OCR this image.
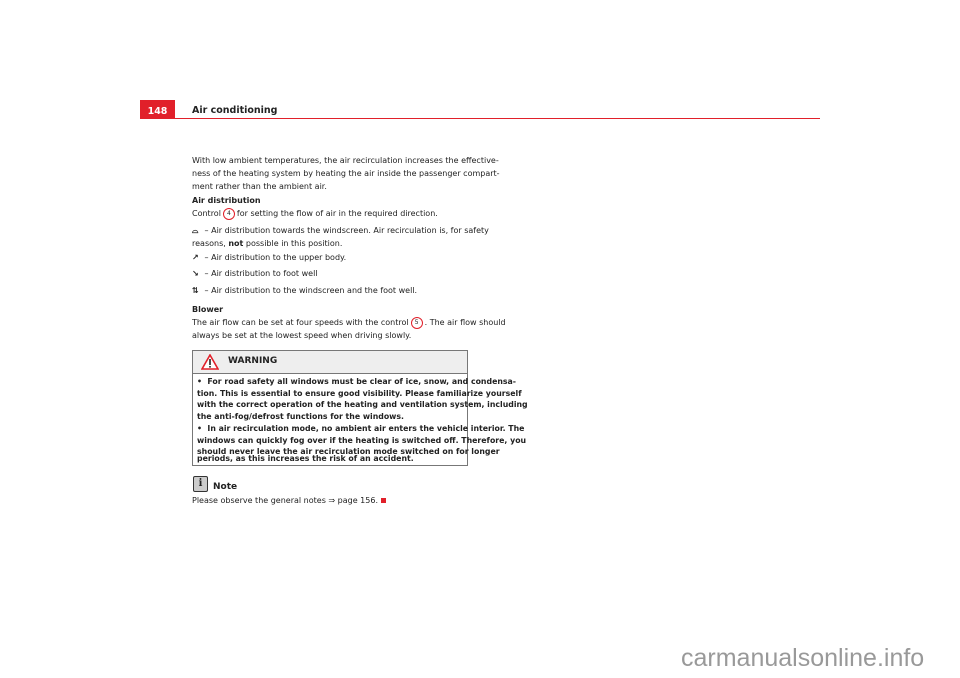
148	Air conditioning
With low ambient temperatures, the air recirculation increases the effective-
ness of the heating system by heating the air inside the passenger compart-
ment rather than the ambient air.
Air distribution
Control 4 for setting the flow of air in the required direction.
⌓ – Air distribution towards the windscreen. Air recirculation is, for safety
reasons, not possible in this position.
↗ – Air distribution to the upper body.
↘ – Air distribution to foot well
⇅ – Air distribution to the windscreen and the foot well.
Blower
The air flow can be set at four speeds with the control 5 . The air flow should
always be set at the lowest speed when driving slowly.
WARNING
•  For road safety all windows must be clear of ice, snow, and condensa-
tion. This is essential to ensure good visibility. Please familiarize yourself
with the correct operation of the heating and ventilation system, including
the anti-fog/defrost functions for the windows.
•  In air recirculation mode, no ambient air enters the vehicle interior. The
windows can quickly fog over if the heating is switched off. Therefore, you
should never leave the air recirculation mode switched on for longer
periods, as this increases the risk of an accident.
i	Note
Please observe the general notes ⇒ page 156.
carmanualsonline.info
